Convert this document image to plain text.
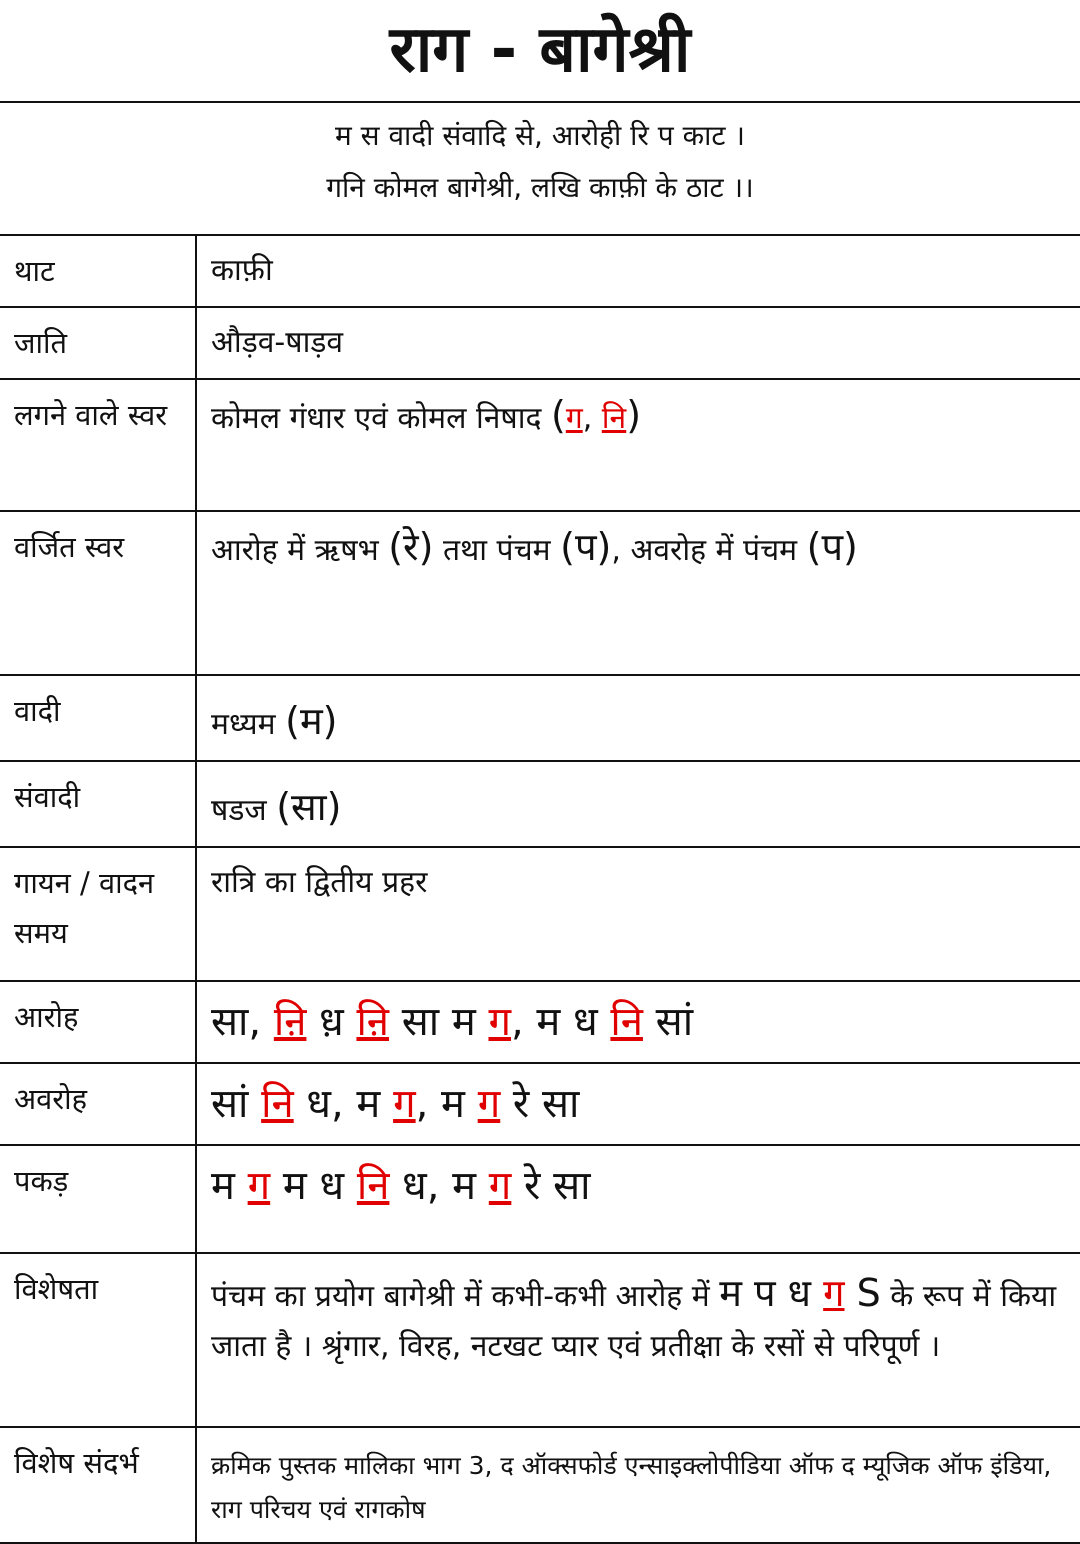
राग - बागेश्री
म स वादी संवादि से, आरोही रि प काट ।
गनि कोमल बागेश्री, लखि काफ़ी के ठाट ।।
थाट	काफ़ी
जाति	औड़व-षाड़व
लगने वाले स्वर	कोमल गंधार एवं कोमल निषाद (ग, नि)
वर्जित स्वर	आरोह में ऋषभ (रे) तथा पंचम (प), अवरोह में पंचम (प)
वादी	मध्यम (म)
संवादी	षडज (सा)
गायन / वादन समय	रात्रि का द्वितीय प्रहर
आरोह	सा, ऩि ध़ ऩि सा म ग, म ध नि सां
अवरोह	सां नि ध, म ग, म ग रे सा
पकड़	म ग म ध नि ध, म ग रे सा
विशेषता	पंचम का प्रयोग बागेश्री में कभी-कभी आरोह में म प ध ग S के रूप में किया जाता है । श्रृंगार, विरह, नटखट प्यार एवं प्रतीक्षा के रसों से परिपूर्ण ।
विशेष संदर्भ	क्रमिक पुस्तक मालिका भाग 3, द ऑक्सफोर्ड एन्साइक्लोपीडिया ऑफ द म्यूजिक ऑफ इंडिया, राग परिचय एवं रागकोष
